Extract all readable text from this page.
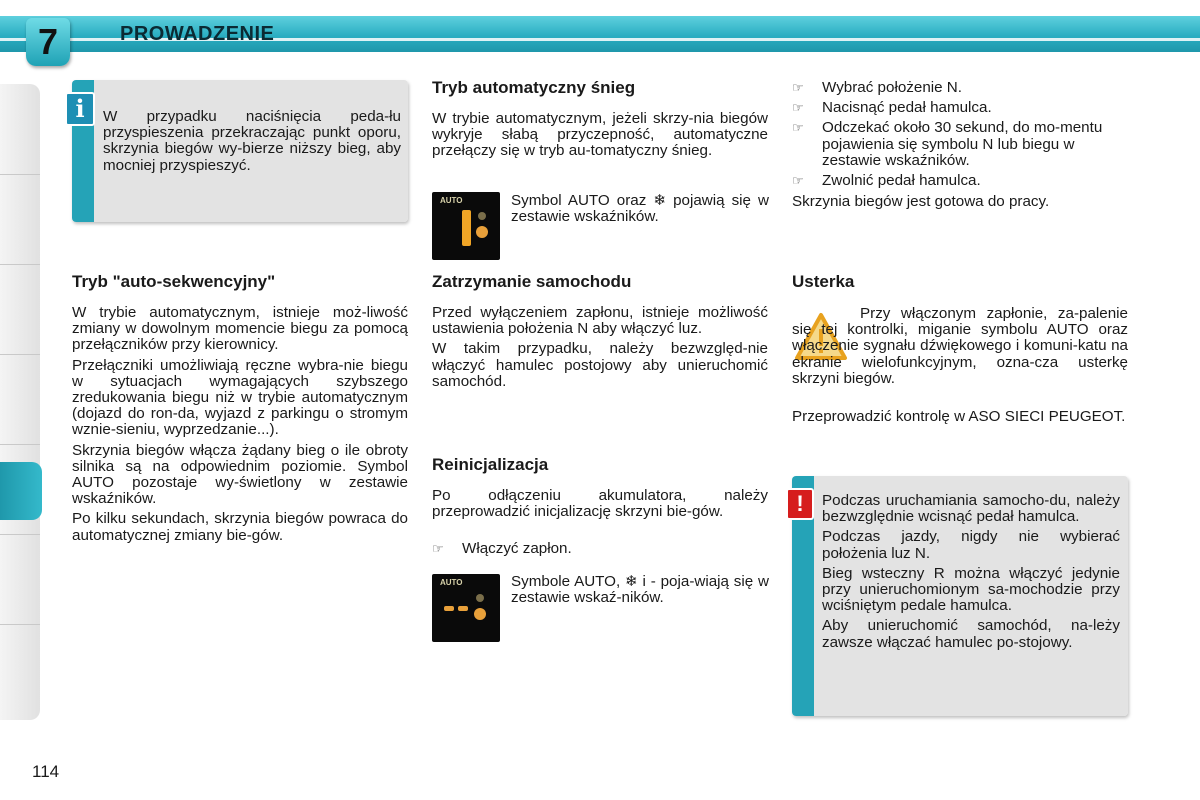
7	PROWADZENIE
i	W przypadku naciśnięcia peda-łu przyspieszenia przekraczając punkt oporu, skrzynia biegów wy-bierze niższy bieg, aby mocniej przyspieszyć.

Tryb "auto-sekwencyjny"

W trybie automatycznym, istnieje moż-liwość zmiany w dowolnym momencie biegu za pomocą przełączników przy kierownicy.

Przełączniki umożliwiają ręczne wybra-nie biegu w sytuacjach wymagających szybszego zredukowania biegu niż w trybie automatycznym (dojazd do ron-da, wyjazd z parkingu o stromym wznie-sieniu, wyprzedzanie...).

Skrzynia biegów włącza żądany bieg o ile obroty silnika są na odpowiednim poziomie. Symbol AUTO pozostaje wy-świetlony w zestawie wskaźników.

Po kilku sekundach, skrzynia biegów powraca do automatycznej zmiany bie-gów.

Tryb automatyczny śnieg

W trybie automatycznym, jeżeli skrzy-nia biegów wykryje słabą przyczepność, automatyczne przełączy się w tryb au-tomatyczny śnieg.

AUTO	Symbol AUTO oraz ❄ pojawią się w zestawie wskaźników.

Zatrzymanie samochodu

Przed wyłączeniem zapłonu, istnieje możliwość ustawienia położenia N aby włączyć luz.

W takim przypadku, należy bezwzględ-nie włączyć hamulec postojowy aby unieruchomić samochód.

Reinicjalizacja

Po odłączeniu akumulatora, należy przeprowadzić inicjalizację skrzyni bie-gów.

☞ Włączyć zapłon.
AUTO	Symbole AUTO, ❄ i - poja-wiają się w zestawie wskaź-ników.

☞ Wybrać położenie N.
☞ Nacisnąć pedał hamulca.
☞ Odczekać około 30 sekund, do mo-mentu pojawienia się symbolu N lub biegu w zestawie wskaźników.
☞ Zwolnić pedał hamulca.

Skrzynia biegów jest gotowa do pracy.

Usterka

Przy włączonym zapłonie, za-palenie się tej kontrolki, miganie symbolu AUTO oraz włączenie sygnału dźwiękowego i komuni-katu na ekranie wielofunkcyjnym, ozna-cza usterkę skrzyni biegów.

Przeprowadzić kontrolę w ASO SIECI PEUGEOT.

!	Podczas uruchamiania samocho-du, należy bezwzględnie wcisnąć pedał hamulca.

Podczas jazdy, nigdy nie wybierać położenia luz N.

Bieg wsteczny R można włączyć jedynie przy unieruchomionym sa-mochodzie przy wciśniętym pedale hamulca.

Aby unieruchomić samochód, na-leży zawsze włączać hamulec po-stojowy.

114
